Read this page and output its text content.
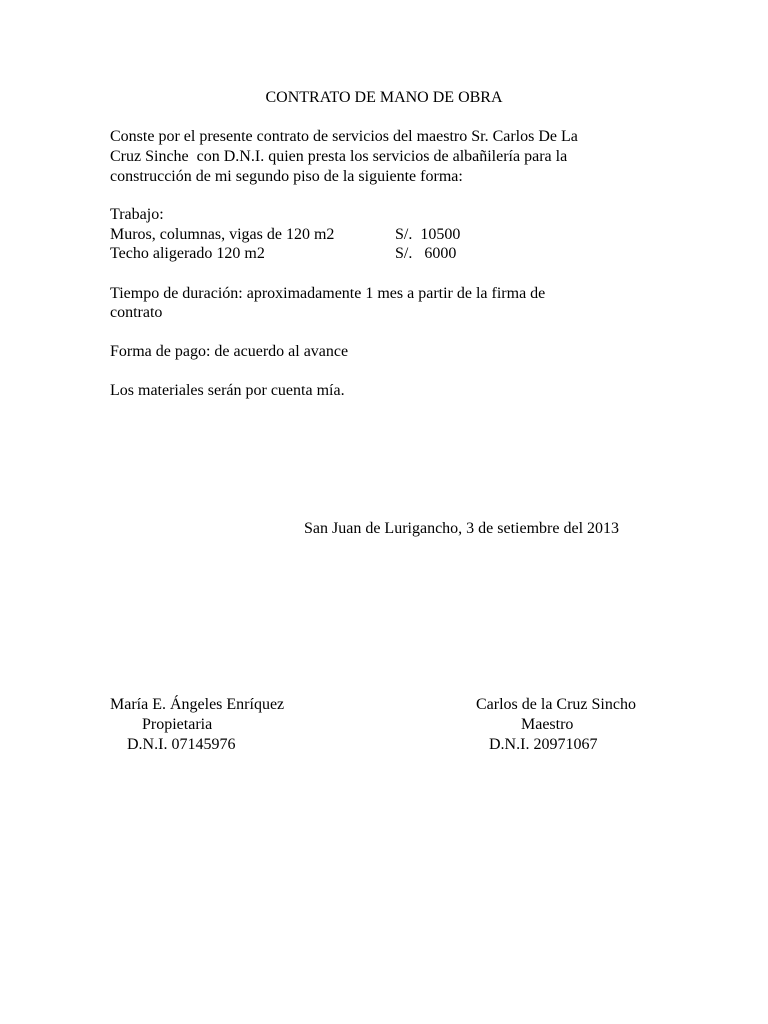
CONTRATO DE MANO DE OBRA
Conste por el presente contrato de servicios del maestro Sr. Carlos De La
Cruz Sinche  con D.N.I. quien presta los servicios de albañilería para la
construcción de mi segundo piso de la siguiente forma:
Trabajo:
Muros, columnas, vigas de 120 m2	S/.  10500
Techo aligerado 120 m2	S/.   6000
Tiempo de duración: aproximadamente 1 mes a partir de la firma de
contrato
Forma de pago: de acuerdo al avance
Los materiales serán por cuenta mía.
San Juan de Lurigancho, 3 de setiembre del 2013
María E. Ángeles Enríquez
Propietaria
D.N.I. 07145976
Carlos de la Cruz Sincho
Maestro
D.N.I. 20971067
